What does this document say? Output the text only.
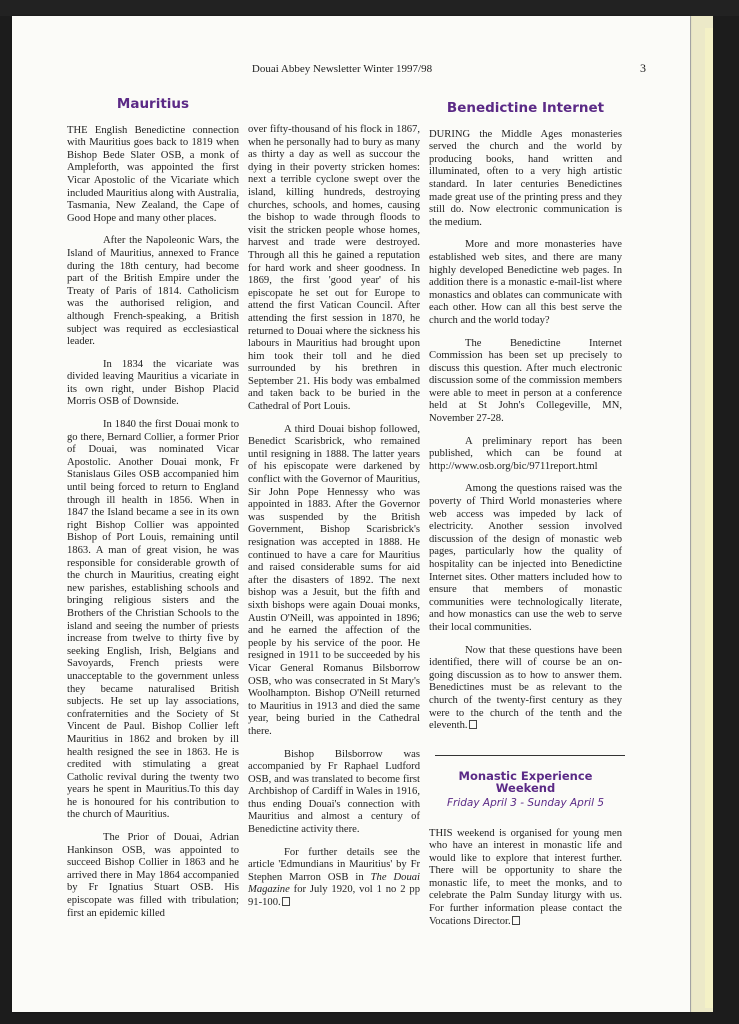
Douai Abbey Newsletter Winter 1997/98	3
Mauritius

THE English Benedictine connection with Mauritius goes back to 1819 when Bishop Bede Slater OSB, a monk of Ampleforth, was appointed the first Vicar Apostolic of the Vicariate which included Mauritius along with Australia, Tasmania, New Zealand, the Cape of Good Hope and many other places.

After the Napoleonic Wars, the Island of Mauritius, annexed to France during the 18th century, had become part of the British Empire under the Treaty of Paris of 1814. Catholicism was the authorised religion, and although French-speaking, a British subject was required as ecclesiastical leader.

In 1834 the vicariate was divided leaving Mauritius a vicariate in its own right, under Bishop Placid Morris OSB of Downside.

In 1840 the first Douai monk to go there, Bernard Collier, a former Prior of Douai, was nominated Vicar Apostolic. Another Douai monk, Fr Stanislaus Giles OSB accompanied him until being forced to return to England through ill health in 1856. When in 1847 the Island became a see in its own right Bishop Collier was appointed Bishop of Port Louis, remaining until 1863. A man of great vision, he was responsible for considerable growth of the church in Mauritius, creating eight new parishes, establishing schools and bringing religious sisters and the Brothers of the Christian Schools to the island and seeing the number of priests increase from twelve to thirty five by seeking English, Irish, Belgians and Savoyards, French priests were unacceptable to the government unless they became naturalised British subjects. He set up lay associations, confraternities and the Society of St Vincent de Paul. Bishop Collier left Mauritius in 1862 and broken by ill health resigned the see in 1863. He is credited with stimulating a great Catholic revival during the twenty two years he spent in Mauritius.To this day he is honoured for his contribution to the church of Mauritius.

The Prior of Douai, Adrian Hankinson OSB, was appointed to succeed Bishop Collier in 1863 and he arrived there in May 1864 accompanied by Fr Ignatius Stuart OSB. His episcopate was filled with tribulation; first an epidemic killed

over fifty-thousand of his flock in 1867, when he personally had to bury as many as thirty a day as well as succour the dying in their poverty stricken homes: next a terrible cyclone swept over the island, killing hundreds, destroying churches, schools, and homes, causing the bishop to wade through floods to visit the stricken people whose homes, harvest and trade were destroyed. Through all this he gained a reputation for hard work and sheer goodness. In 1869, the first 'good year' of his episcopate he set out for Europe to attend the first Vatican Council. After attending the first session in 1870, he returned to Douai where the sickness his labours in Mauritius had brought upon him took their toll and he died surrounded by his brethren in September 21. His body was embalmed and taken back to be buried in the Cathedral of Port Louis.

A third Douai bishop followed, Benedict Scarisbrick, who remained until resigning in 1888. The latter years of his episcopate were darkened by conflict with the Governor of Mauritius, Sir John Pope Hennessy who was appointed in 1883. After the Governor was suspended by the British Government, Bishop Scarisbrick's resignation was accepted in 1888. He continued to have a care for Mauritius and raised considerable sums for aid after the disasters of 1892. The next bishop was a Jesuit, but the fifth and sixth bishops were again Douai monks, Austin O'Neill, was appointed in 1896; and he earned the affection of the people by his service of the poor. He resigned in 1911 to be succeeded by his Vicar General Romanus Bilsborrow OSB, who was consecrated in St Mary's Woolhampton. Bishop O'Neill returned to Mauritius in 1913 and died the same year, being buried in the Cathedral there.

Bishop Bilsborrow was accompanied by Fr Raphael Ludford OSB, and was translated to become first Archbishop of Cardiff in Wales in 1916, thus ending Douai's connection with Mauritius and almost a century of Benedictine activity there.

For further details see the article 'Edmundians in Mauritius' by Fr Stephen Marron OSB in The Douai Magazine for July 1920, vol 1 no 2 pp 91-100.

Benedictine Internet

DURING the Middle Ages monasteries served the church and the world by producing books, hand written and illuminated, often to a very high artistic standard. In later centuries Benedictines made great use of the printing press and they still do. Now electronic communication is the medium.

More and more monasteries have established web sites, and there are many highly developed Benedictine web pages. In addition there is a monastic e-mail-list where monastics and oblates can communicate with each other. How can all this best serve the church and the world today?

The Benedictine Internet Commission has been set up precisely to discuss this question. After much electronic discussion some of the commission members were able to meet in person at a conference held at St John's Collegeville, MN, November 27-28.

A preliminary report has been published, which can be found at http://www.osb.org/bic/9711report.html

Among the questions raised was the poverty of Third World monasteries where web access was impeded by lack of electricity. Another session involved discussion of the design of monastic web pages, particularly how the quality of hospitality can be injected into Benedictine Internet sites. Other matters included how to ensure that members of monastic communities were technologically literate, and how monastics can use the web to serve their local communities.

Now that these questions have been identified, there will of course be an on-going discussion as to how to answer them. Benedictines must be as relevant to the church of the twenty-first century as they were to the church of the tenth and the eleventh.

Monastic Experience Weekend
Friday April 3 - Sunday April 5

THIS weekend is organised for young men who have an interest in monastic life and would like to explore that interest further. There will be opportunity to share the monastic life, to meet the monks, and to celebrate the Palm Sunday liturgy with us. For further information please contact the Vocations Director.
